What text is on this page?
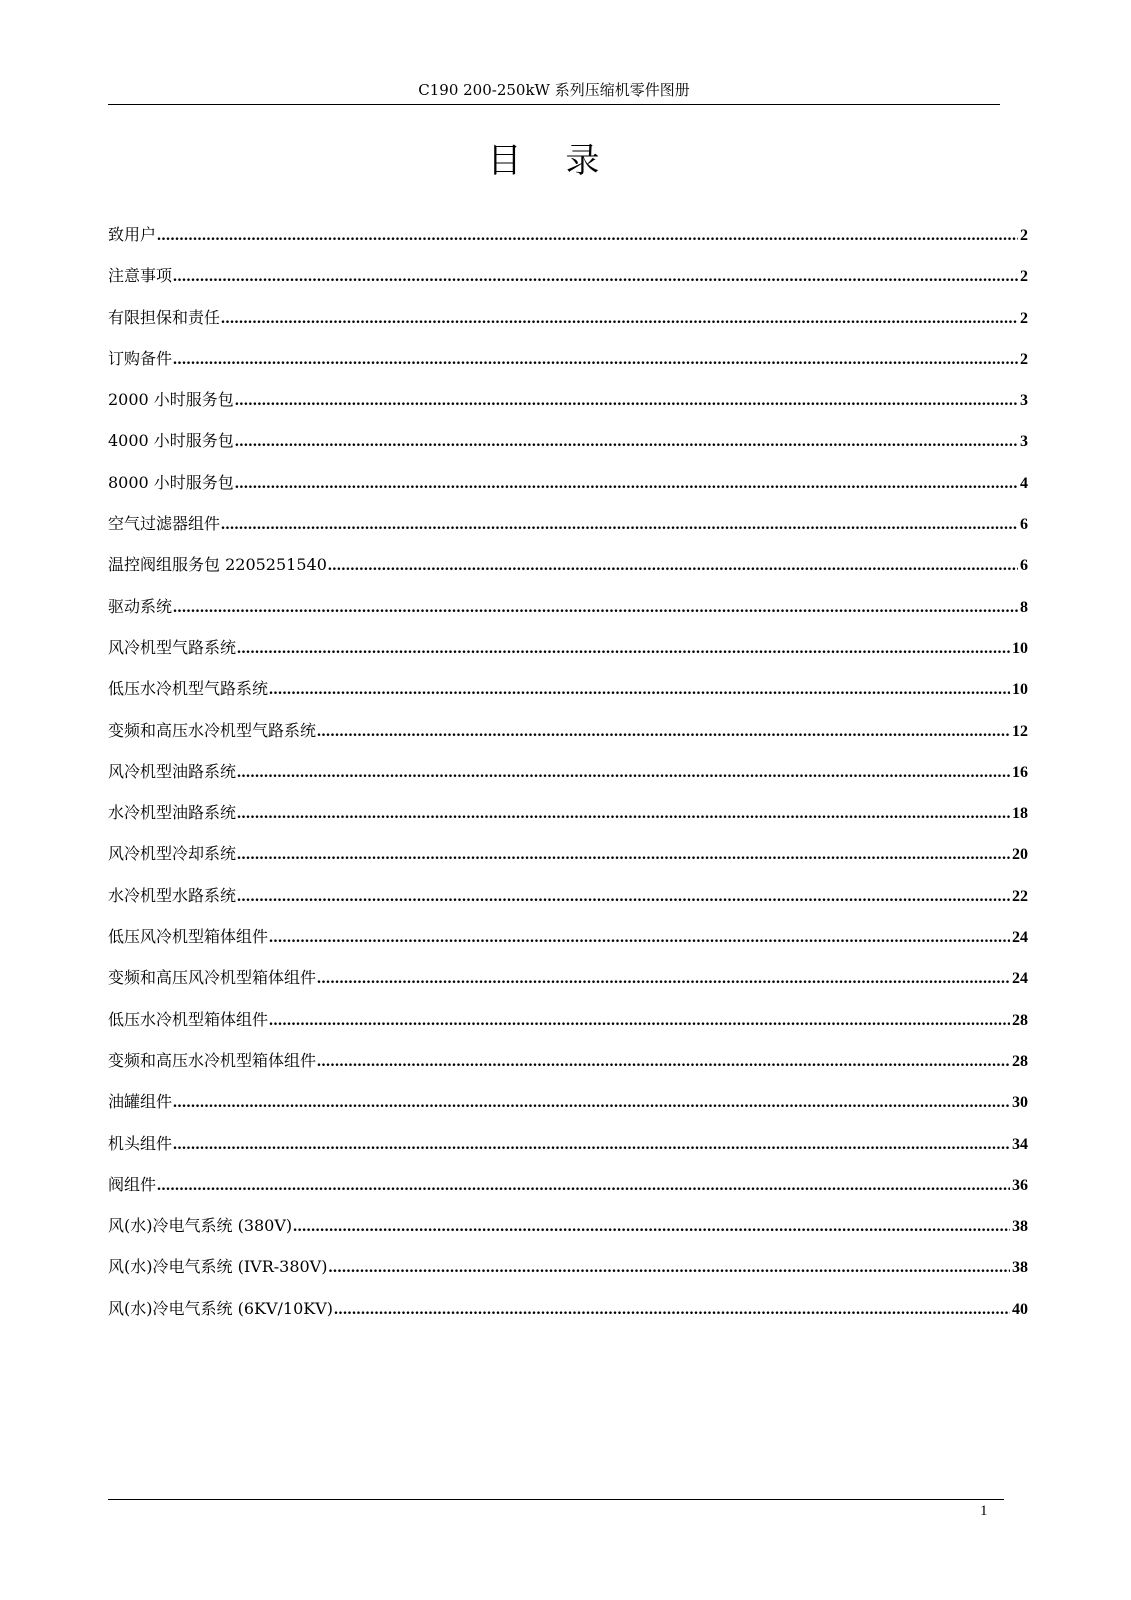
C190 200-250kW 系列压缩机零件图册
目录
致用户 .....	2
注意事项 .....	2
有限担保和责任 .....	2
订购备件 .....	2
2000 小时服务包 .....	3
4000 小时服务包 .....	3
8000 小时服务包 .....	4
空气过滤器组件 .....	6
温控阀组服务包 2205251540 .....	6
驱动系统 .....	8
风冷机型气路系统 .....	10
低压水冷机型气路系统 .....	10
变频和高压水冷机型气路系统 .....	12
风冷机型油路系统 .....	16
水冷机型油路系统 .....	18
风冷机型冷却系统 .....	20
水冷机型水路系统 .....	22
低压风冷机型箱体组件 .....	24
变频和高压风冷机型箱体组件 .....	24
低压水冷机型箱体组件 .....	28
变频和高压水冷机型箱体组件 .....	28
油罐组件 .....	30
机头组件 .....	34
阀组件 .....	36
风(水)冷电气系统 (380V) .....	38
风(水)冷电气系统 (IVR-380V) .....	38
风(水)冷电气系统 (6KV/10KV) .....	40
1
